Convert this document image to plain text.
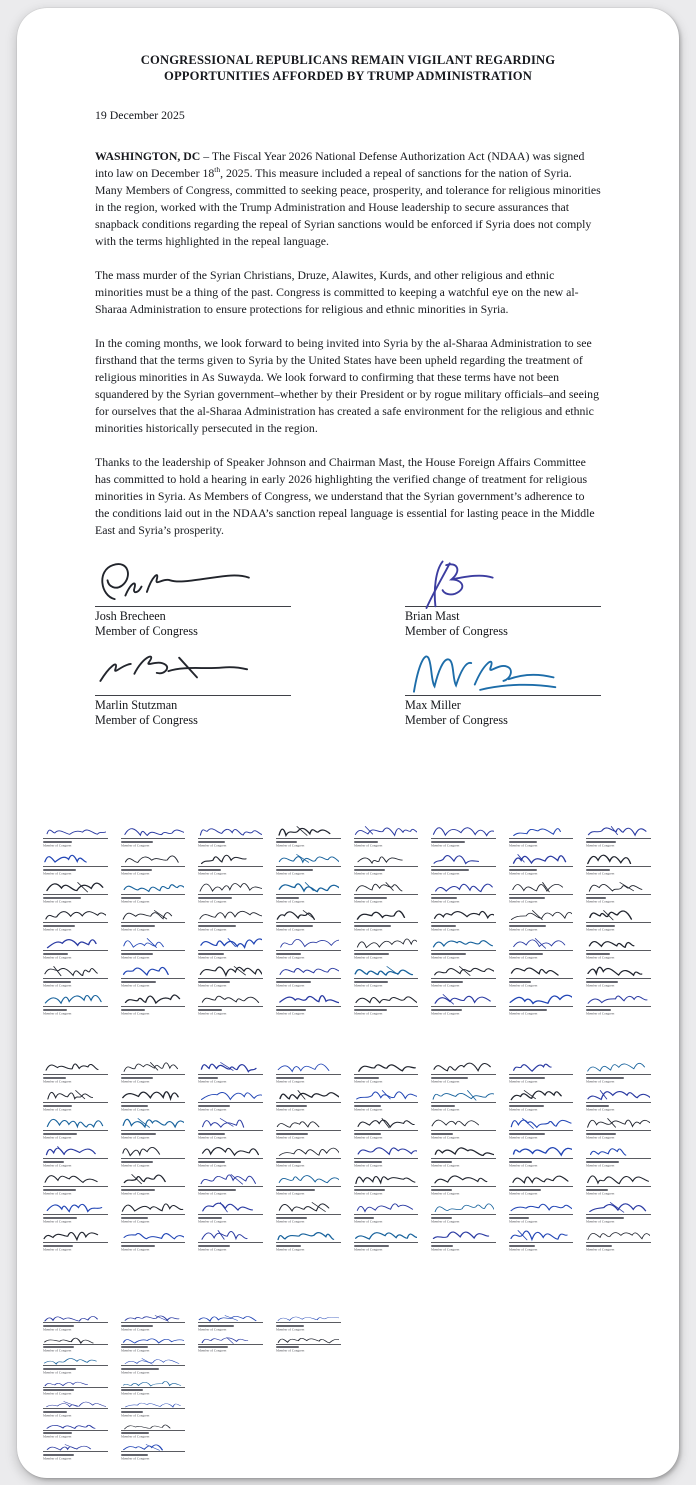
CONGRESSIONAL REPUBLICANS REMAIN VIGILANT REGARDING
OPPORTUNITIES AFFORDED BY TRUMP ADMINISTRATION
19 December 2025

WASHINGTON, DC – The Fiscal Year 2026 National Defense Authorization Act (NDAA) was signed into law on December 18th, 2025. This measure included a repeal of sanctions for the nation of Syria. Many Members of Congress, committed to seeking peace, prosperity, and tolerance for religious minorities in the region, worked with the Trump Administration and House leadership to secure assurances that snapback conditions regarding the repeal of Syrian sanctions would be enforced if Syria does not comply with the terms highlighted in the repeal language.

The mass murder of the Syrian Christians, Druze, Alawites, Kurds, and other religious and ethnic minorities must be a thing of the past. Congress is committed to keeping a watchful eye on the new al-Sharaa Administration to ensure protections for religious and ethnic minorities in Syria.

In the coming months, we look forward to being invited into Syria by the al-Sharaa Administration to see firsthand that the terms given to Syria by the United States have been upheld regarding the treatment of religious minorities in As Suwayda. We look forward to confirming that these terms have not been squandered by the Syrian government–whether by their President or by rogue military officials–and seeing for ourselves that the al-Sharaa Administration has created a safe environment for the religious and ethnic minorities historically persecuted in the region.

Thanks to the leadership of Speaker Johnson and Chairman Mast, the House Foreign Affairs Committee has committed to hold a hearing in early 2026 highlighting the verified change of treatment for religious minorities in Syria. As Members of Congress, we understand that the Syrian government’s adherence to the conditions laid out in the NDAA’s sanction repeal language is essential for lasting peace in the Middle East and Syria’s prosperity.

Josh Brecheen
Member of Congress
Brian Mast
Member of Congress
Marlin Stutzman
Member of Congress
Max Miller
Member of Congress
Member of Congress
Member of Congress
Member of Congress
Member of Congress
Member of Congress
Member of Congress
Member of Congress
Member of Congress
Member of Congress
Member of Congress
Member of Congress
Member of Congress
Member of Congress
Member of Congress
Member of Congress
Member of Congress
Member of Congress
Member of Congress
Member of Congress
Member of Congress
Member of Congress
Member of Congress
Member of Congress
Member of Congress
Member of Congress
Member of Congress
Member of Congress
Member of Congress
Member of Congress
Member of Congress
Member of Congress
Member of Congress
Member of Congress
Member of Congress
Member of Congress
Member of Congress
Member of Congress
Member of Congress
Member of Congress
Member of Congress
Member of Congress
Member of Congress
Member of Congress
Member of Congress
Member of Congress
Member of Congress
Member of Congress
Member of Congress
Member of Congress
Member of Congress
Member of Congress
Member of Congress
Member of Congress
Member of Congress
Member of Congress
Member of Congress
Member of Congress
Member of Congress
Member of Congress
Member of Congress
Member of Congress
Member of Congress
Member of Congress
Member of Congress
Member of Congress
Member of Congress
Member of Congress
Member of Congress
Member of Congress
Member of Congress
Member of Congress
Member of Congress
Member of Congress
Member of Congress
Member of Congress
Member of Congress
Member of Congress
Member of Congress
Member of Congress
Member of Congress
Member of Congress
Member of Congress
Member of Congress
Member of Congress
Member of Congress
Member of Congress
Member of Congress
Member of Congress
Member of Congress
Member of Congress
Member of Congress
Member of Congress
Member of Congress
Member of Congress
Member of Congress
Member of Congress
Member of Congress
Member of Congress
Member of Congress
Member of Congress
Member of Congress
Member of Congress
Member of Congress
Member of Congress
Member of Congress
Member of Congress
Member of Congress
Member of Congress
Member of Congress
Member of Congress
Member of Congress
Member of Congress
Member of Congress
Member of Congress
Member of Congress
Member of Congress
Member of Congress
Member of Congress
Member of Congress
Member of Congress
Member of Congress
Member of Congress
Member of Congress
Member of Congress
Member of Congress
Member of Congress
Member of Congress
Member of Congress
Member of Congress
Member of Congress
